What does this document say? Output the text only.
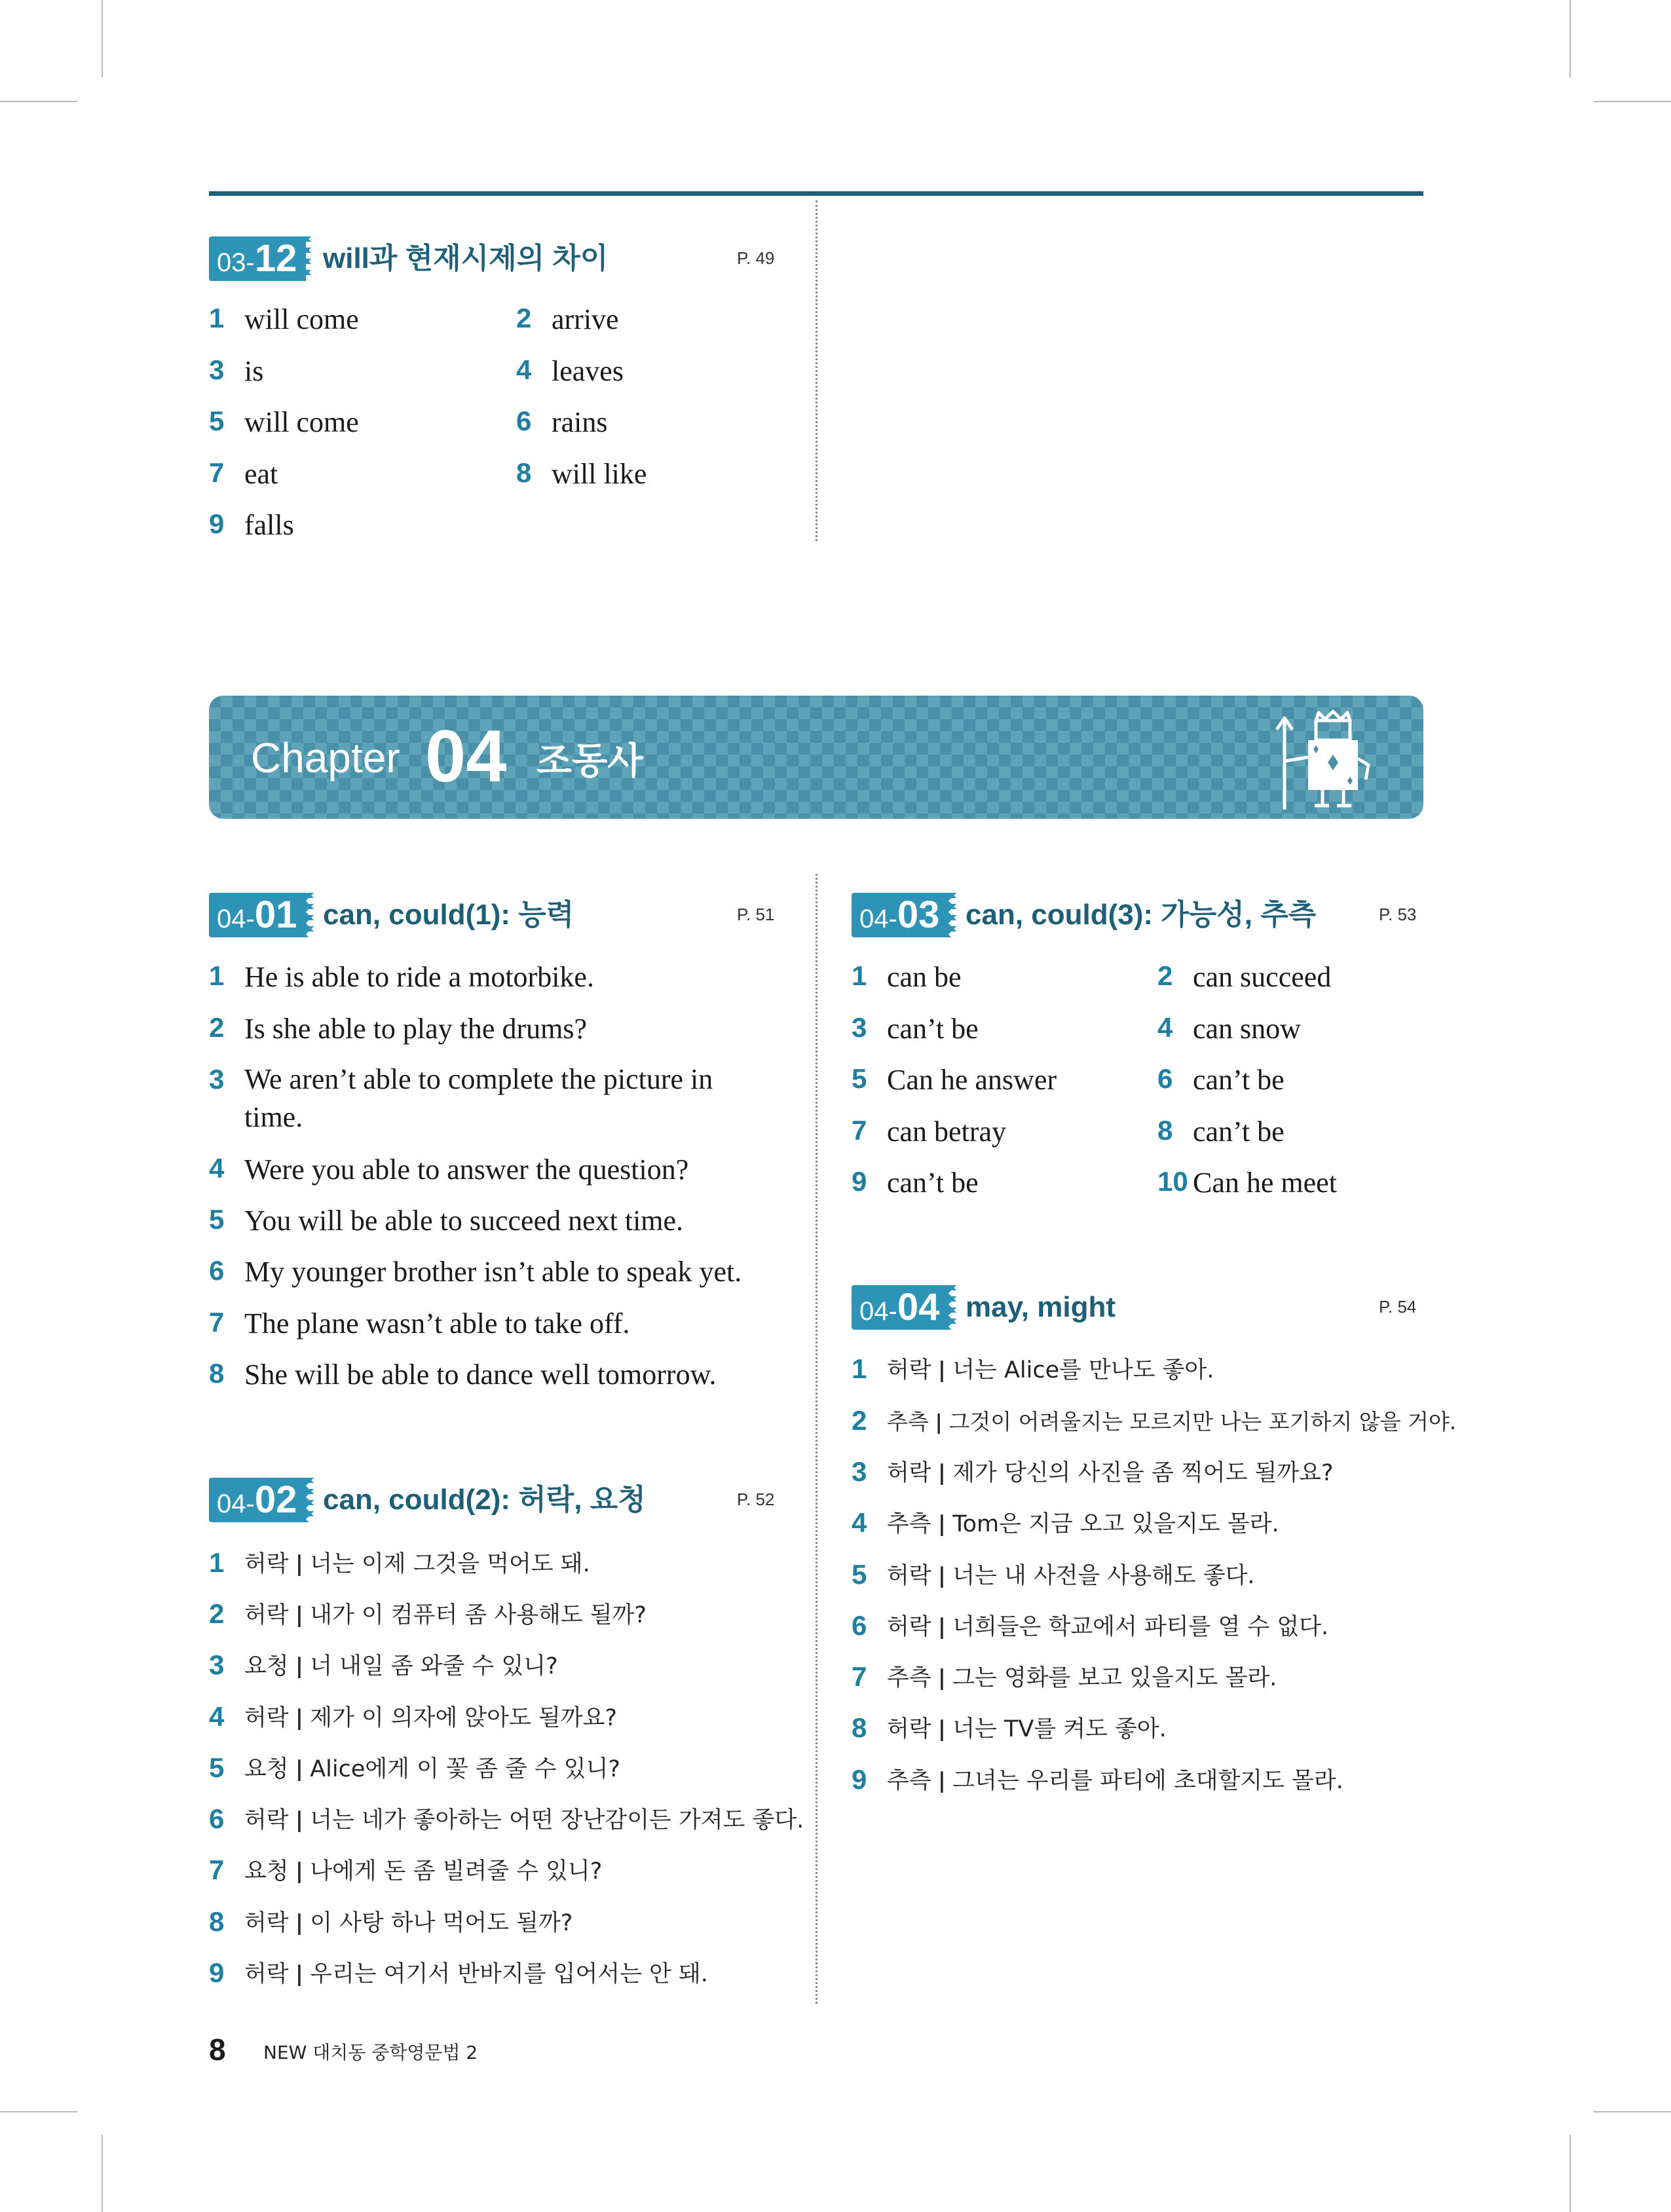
03- 12 will과 현재시제의 차이	P. 49
1 will come	2 arrive
3 is	4 leaves
5 will come	6 rains
7 eat	8 will like
9 falls
Chapter 04 조동사
04- 01 can, could(1): 능력	P. 51
1 He is able to ride a motorbike.
2 Is she able to play the drums?
3 We aren’t able to complete the picture in time.
4 Were you able to answer the question?
5 You will be able to succeed next time.
6 My younger brother isn’t able to speak yet.
7 The plane wasn’t able to take off.
8 She will be able to dance well tomorrow.
04- 02 can, could(2): 허락, 요청	P. 52
1 허락 ǀ 너는 이제 그것을 먹어도 돼.
2 허락 ǀ 내가 이 컴퓨터 좀 사용해도 될까?
3 요청 ǀ 너 내일 좀 와줄 수 있니?
4 허락 ǀ 제가 이 의자에 앉아도 될까요?
5 요청 ǀ Alice에게 이 꽃 좀 줄 수 있니?
6 허락 ǀ 너는 네가 좋아하는 어떤 장난감이든 가져도 좋다.
7 요청 ǀ 나에게 돈 좀 빌려줄 수 있니?
8 허락 ǀ 이 사탕 하나 먹어도 될까?
9 허락 ǀ 우리는 여기서 반바지를 입어서는 안 돼.
04- 03 can, could(3): 가능성, 추측	P. 53
1 can be	2 can succeed
3 can’t be	4 can snow
5 Can he answer	6 can’t be
7 can betray	8 can’t be
9 can’t be	10 Can he meet
04- 04 may, might	P. 54
1 허락 ǀ 너는 Alice를 만나도 좋아.
2 추측 ǀ 그것이 어려울지는 모르지만 나는 포기하지 않을 거야.
3 허락 ǀ 제가 당신의 사진을 좀 찍어도 될까요?
4 추측 ǀ Tom은 지금 오고 있을지도 몰라.
5 허락 ǀ 너는 내 사전을 사용해도 좋다.
6 허락 ǀ 너희들은 학교에서 파티를 열 수 없다.
7 추측 ǀ 그는 영화를 보고 있을지도 몰라.
8 허락 ǀ 너는 TV를 켜도 좋아.
9 추측 ǀ 그녀는 우리를 파티에 초대할지도 몰라.
8 NEW 대치동 중학영문법 2
